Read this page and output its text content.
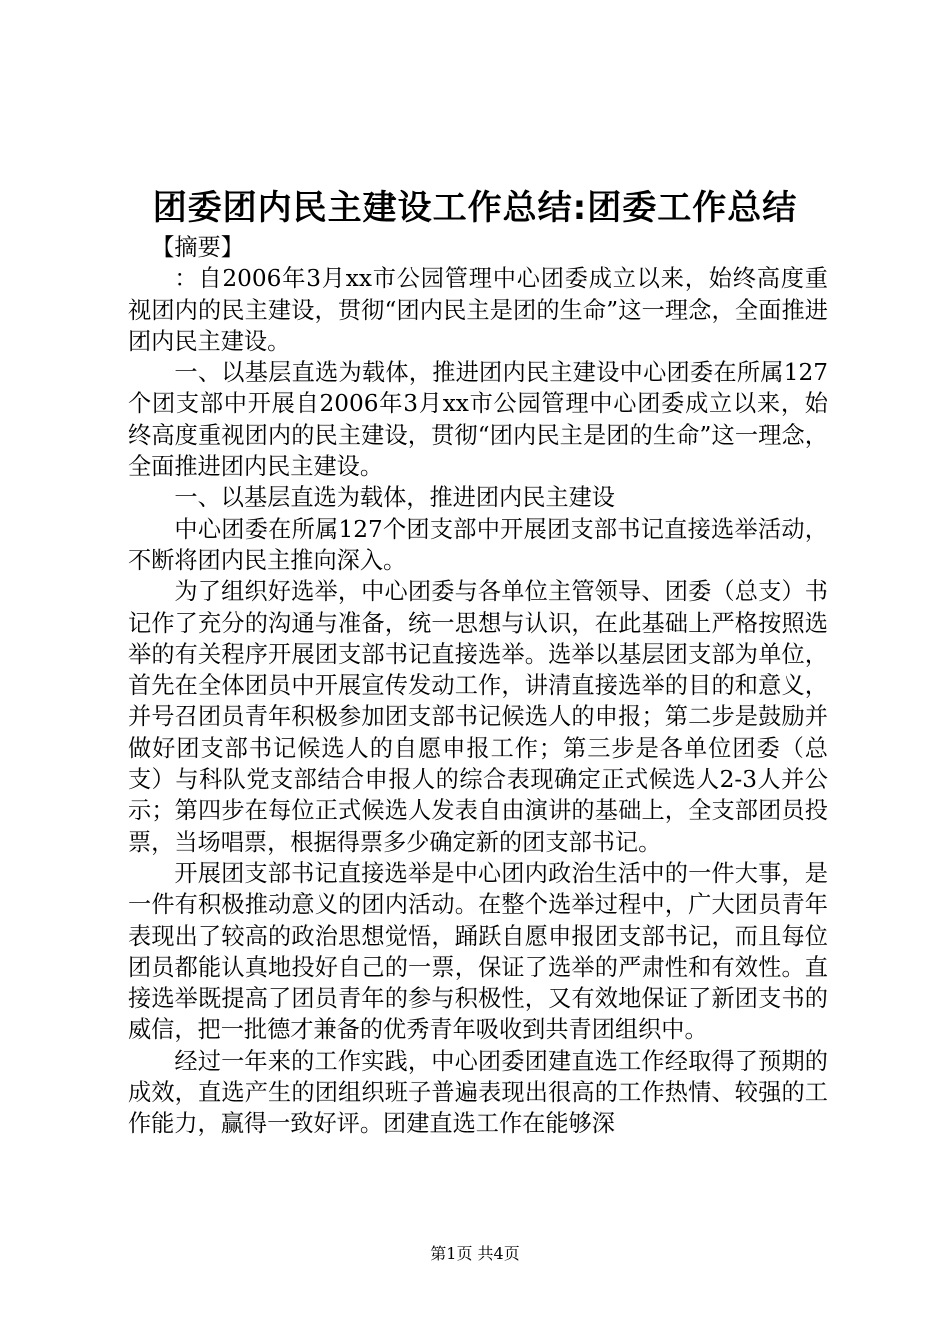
团委团内民主建设工作总结:团委工作总结

【摘要】

：自2006年3月xx市公园管理中心团委成立以来，始终高度重视团内的民主建设，贯彻“团内民主是团的生命”这一理念，全面推进团内民主建设。

一、以基层直选为载体，推进团内民主建设中心团委在所属127个团支部中开展自2006年3月xx市公园管理中心团委成立以来，始终高度重视团内的民主建设，贯彻“团内民主是团的生命”这一理念，全面推进团内民主建设。

一、以基层直选为载体，推进团内民主建设

中心团委在所属127个团支部中开展团支部书记直接选举活动，不断将团内民主推向深入。

为了组织好选举，中心团委与各单位主管领导、团委（总支）书记作了充分的沟通与准备，统一思想与认识，在此基础上严格按照选举的有关程序开展团支部书记直接选举。选举以基层团支部为单位，首先在全体团员中开展宣传发动工作，讲清直接选举的目的和意义，并号召团员青年积极参加团支部书记候选人的申报；第二步是鼓励并做好团支部书记候选人的自愿申报工作；第三步是各单位团委（总支）与科队党支部结合申报人的综合表现确定正式候选人2-3人并公示；第四步在每位正式候选人发表自由演讲的基础上，全支部团员投票，当场唱票，根据得票多少确定新的团支部书记。

开展团支部书记直接选举是中心团内政治生活中的一件大事，是一件有积极推动意义的团内活动。在整个选举过程中，广大团员青年表现出了较高的政治思想觉悟，踊跃自愿申报团支部书记，而且每位团员都能认真地投好自己的一票，保证了选举的严肃性和有效性。直接选举既提高了团员青年的参与积极性，又有效地保证了新团支书的威信，把一批德才兼备的优秀青年吸收到共青团组织中。

经过一年来的工作实践，中心团委团建直选工作经取得了预期的成效，直选产生的团组织班子普遍表现出很高的工作热情、较强的工作能力，赢得一致好评。团建直选工作在能够深

第1页 共4页
